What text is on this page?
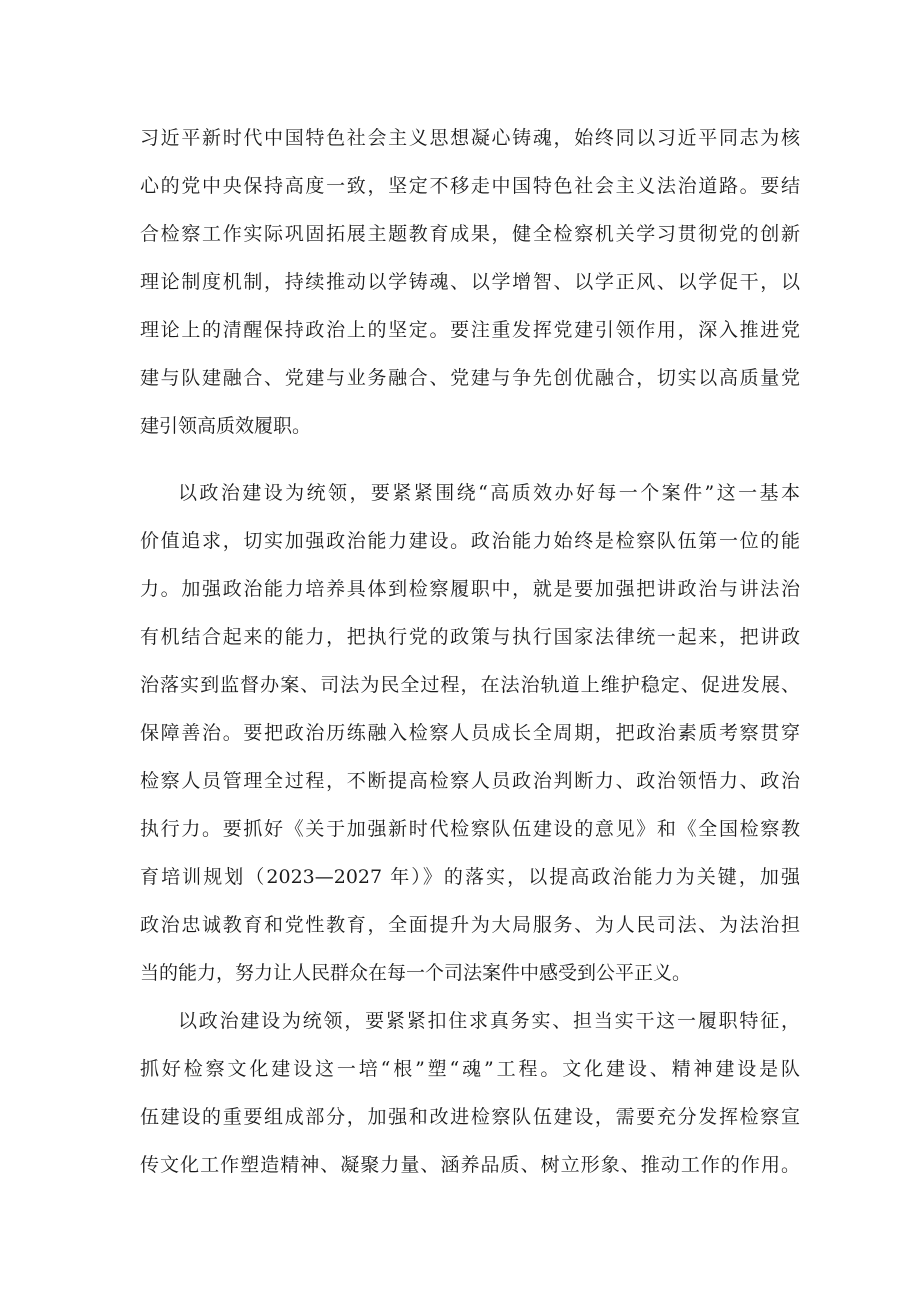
习近平新时代中国特色社会主义思想凝心铸魂，始终同以习近平同志为核

心的党中央保持高度一致，坚定不移走中国特色社会主义法治道路。要结

合检察工作实际巩固拓展主题教育成果，健全检察机关学习贯彻党的创新

理论制度机制，持续推动以学铸魂、以学增智、以学正风、以学促干，以

理论上的清醒保持政治上的坚定。要注重发挥党建引领作用，深入推进党

建与队建融合、党建与业务融合、党建与争先创优融合，切实以高质量党

建引领高质效履职。

以政治建设为统领，要紧紧围绕“高质效办好每一个案件”这一基本

价值追求，切实加强政治能力建设。政治能力始终是检察队伍第一位的能

力。加强政治能力培养具体到检察履职中，就是要加强把讲政治与讲法治

有机结合起来的能力，把执行党的政策与执行国家法律统一起来，把讲政

治落实到监督办案、司法为民全过程，在法治轨道上维护稳定、促进发展、

保障善治。要把政治历练融入检察人员成长全周期，把政治素质考察贯穿

检察人员管理全过程，不断提高检察人员政治判断力、政治领悟力、政治

执行力。要抓好《关于加强新时代检察队伍建设的意见》和《全国检察教

育培训规划（2023—2027 年）》的落实，以提高政治能力为关键，加强

政治忠诚教育和党性教育，全面提升为大局服务、为人民司法、为法治担

当的能力，努力让人民群众在每一个司法案件中感受到公平正义。

以政治建设为统领，要紧紧扣住求真务实、担当实干这一履职特征，

抓好检察文化建设这一培“根”塑“魂”工程。文化建设、精神建设是队

伍建设的重要组成部分，加强和改进检察队伍建设，需要充分发挥检察宣

传文化工作塑造精神、凝聚力量、涵养品质、树立形象、推动工作的作用。
